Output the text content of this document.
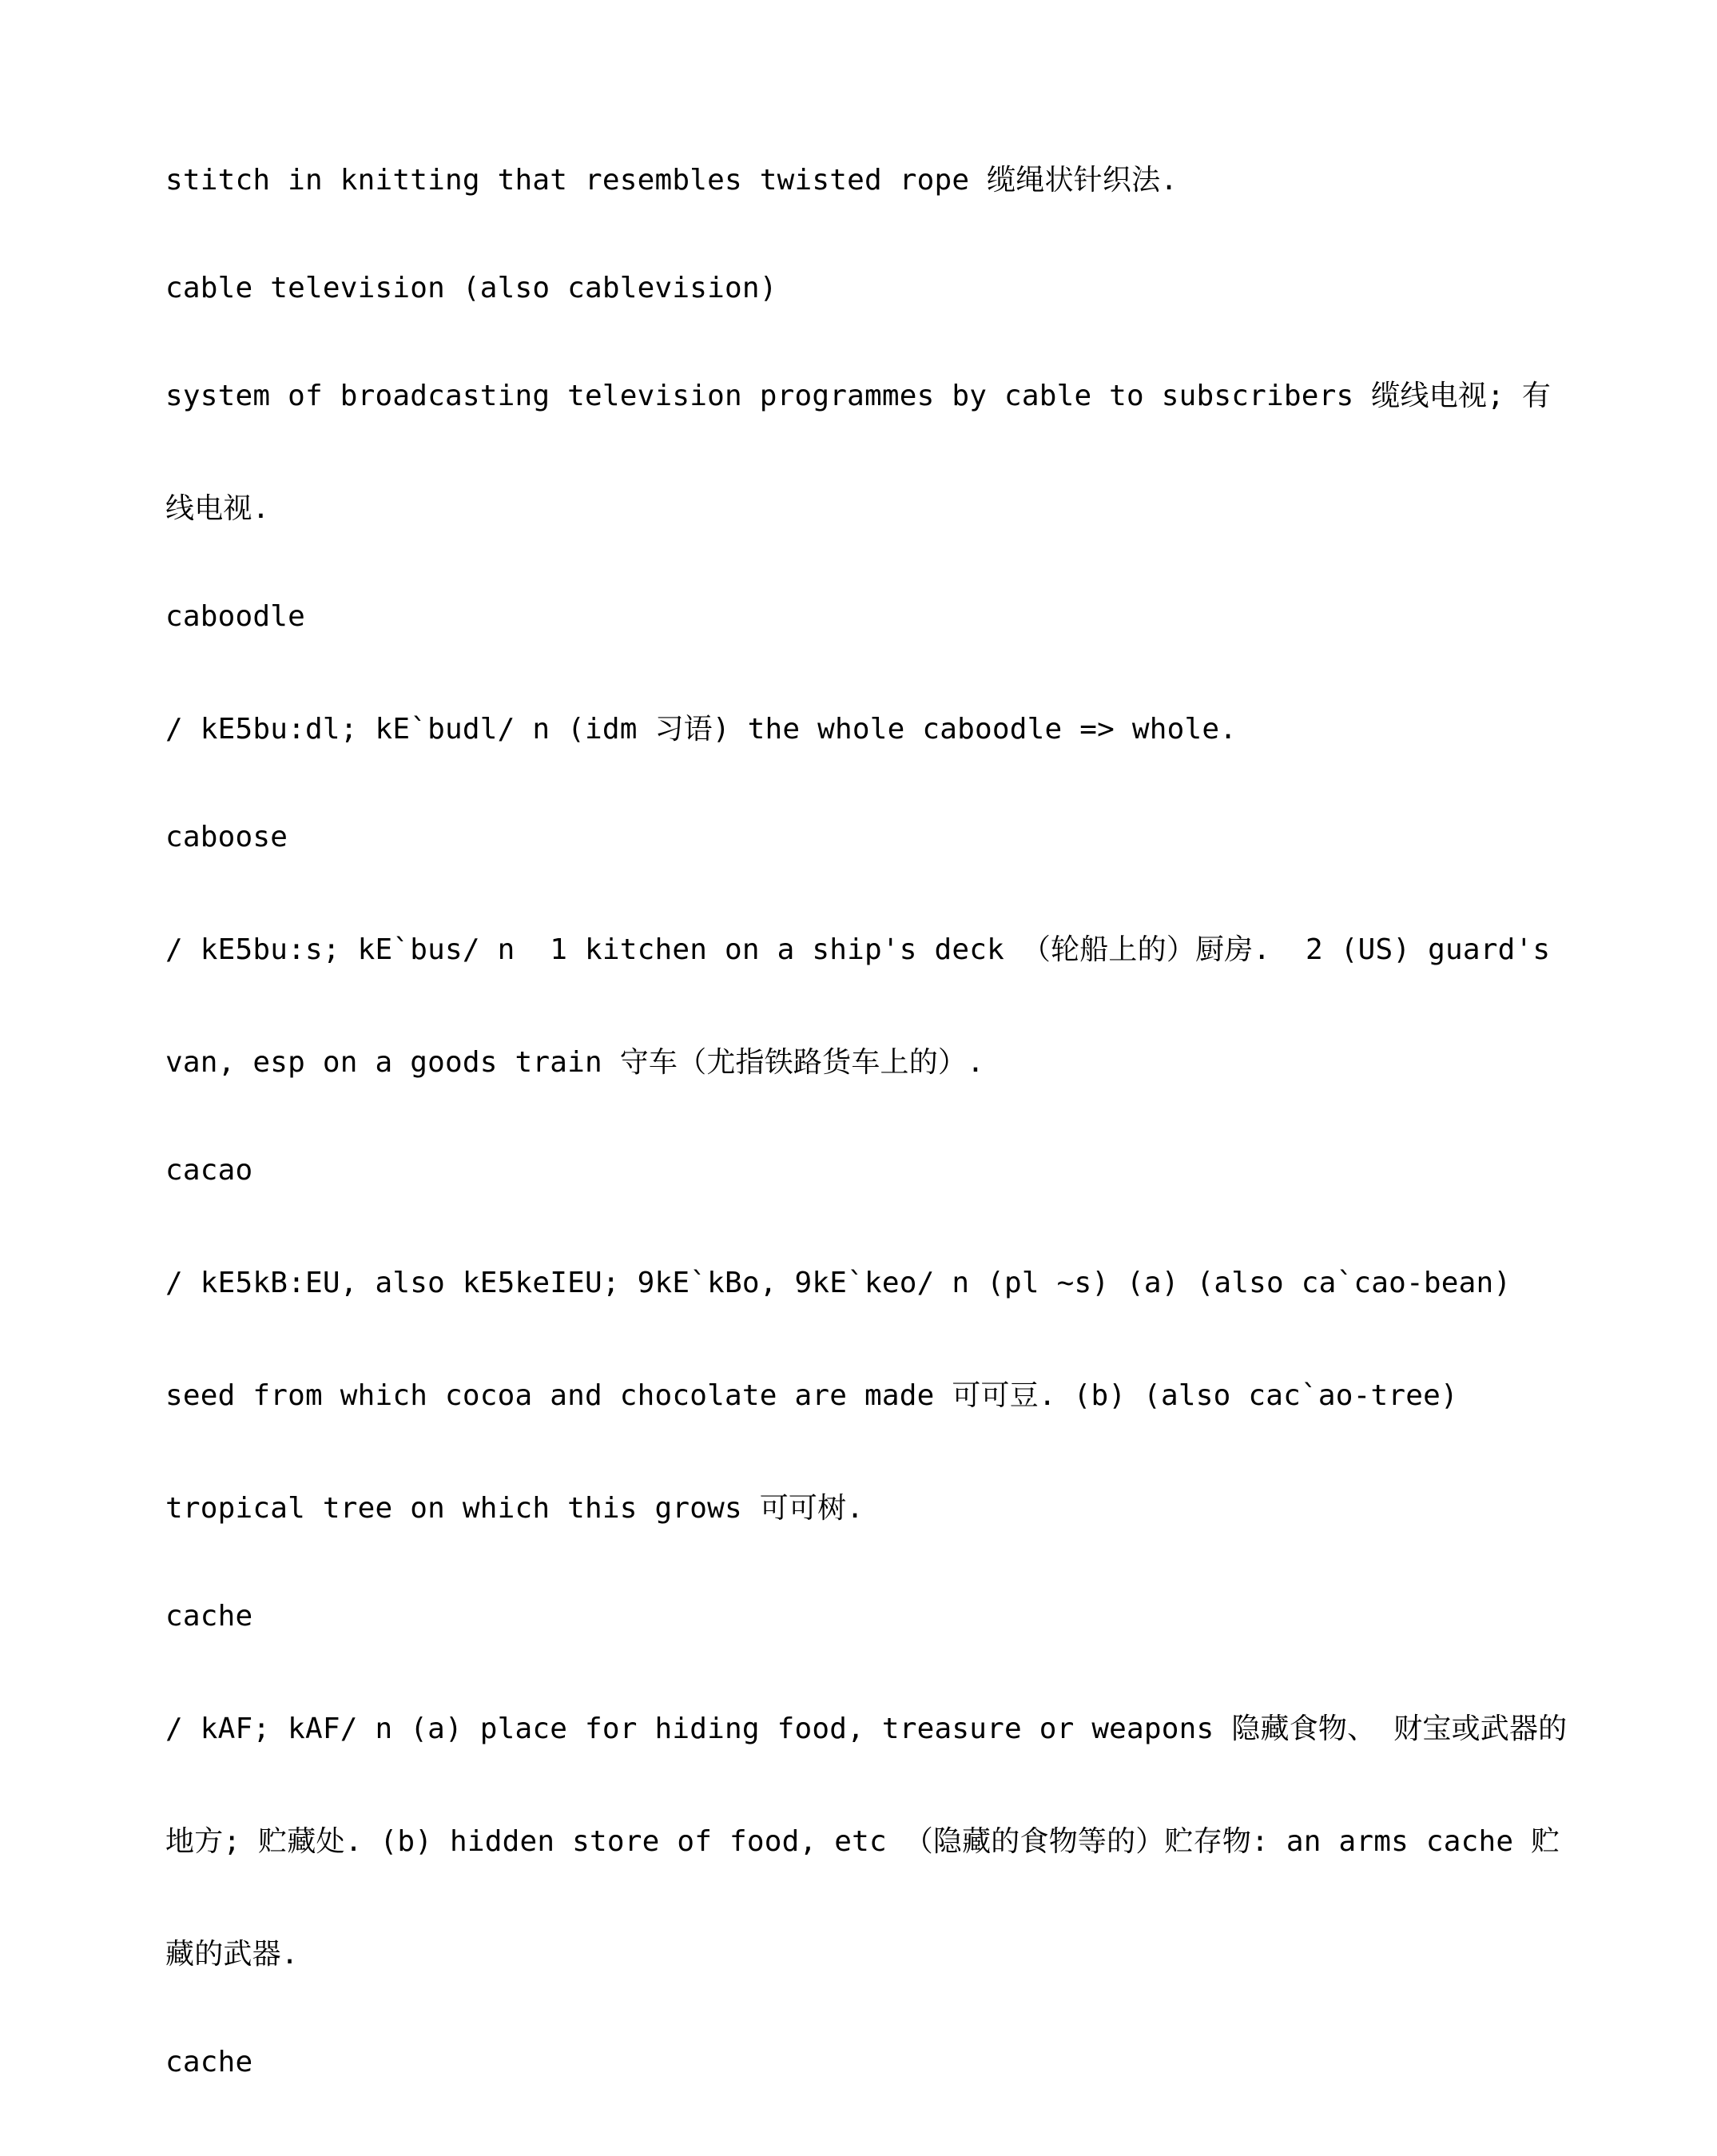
stitch in knitting that resembles twisted rope 缆绳状针织法.

cable television (also cablevision)

system of broadcasting television programmes by cable to subscribers 缆线电视; 有

线电视.

caboodle

/ kE5bu:dl; kE`budl/ n (idm 习语) the whole caboodle => whole.

caboose

/ kE5bu:s; kE`bus/ n  1 kitchen on a ship's deck （轮船上的）厨房.  2 (US) guard's

van, esp on a goods train 守车（尤指铁路货车上的）.

cacao

/ kE5kB:EU, also kE5keIEU; 9kE`kBo, 9kE`keo/ n (pl ~s) (a) (also ca`cao-bean)

seed from which cocoa and chocolate are made 可可豆. (b) (also cac`ao-tree)

tropical tree on which this grows 可可树.

cache

/ kAF; kAF/ n (a) place for hiding food, treasure or weapons 隐藏食物、 财宝或武器的

地方; 贮藏处. (b) hidden store of food, etc （隐藏的食物等的）贮存物: an arms cache 贮

藏的武器.

cache
